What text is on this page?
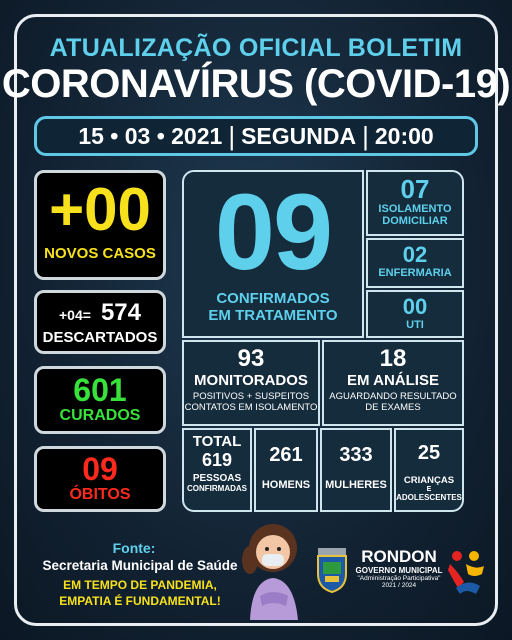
ATUALIZAÇÃO OFICIAL BOLETIM
CORONAVÍRUS (COVID-19)
15 • 03 • 2021 | SEGUNDA | 20:00
+00
NOVOS CASOS
+04= 574
DESCARTADOS
601
CURADOS
09
ÓBITOS
09
CONFIRMADOS
EM TRATAMENTO
07
ISOLAMENTO
DOMICILIAR
02
ENFERMARIA
00
UTI
93
MONITORADOS
POSITIVOS + SUSPEITOS
CONTATOS EM ISOLAMENTO
18
EM ANÁLISE
AGUARDANDO RESULTADO
DE EXAMES
TOTAL
619
PESSOAS
CONFIRMADAS
261
HOMENS
333
MULHERES
25
CRIANÇAS
E
ADOLESCENTES
Fonte:
Secretaria Municipal de Saúde
EM TEMPO DE PANDEMIA,
EMPATIA É FUNDAMENTAL!
RONDON
GOVERNO MUNICIPAL
"Administração Participativa"
2021 / 2024
